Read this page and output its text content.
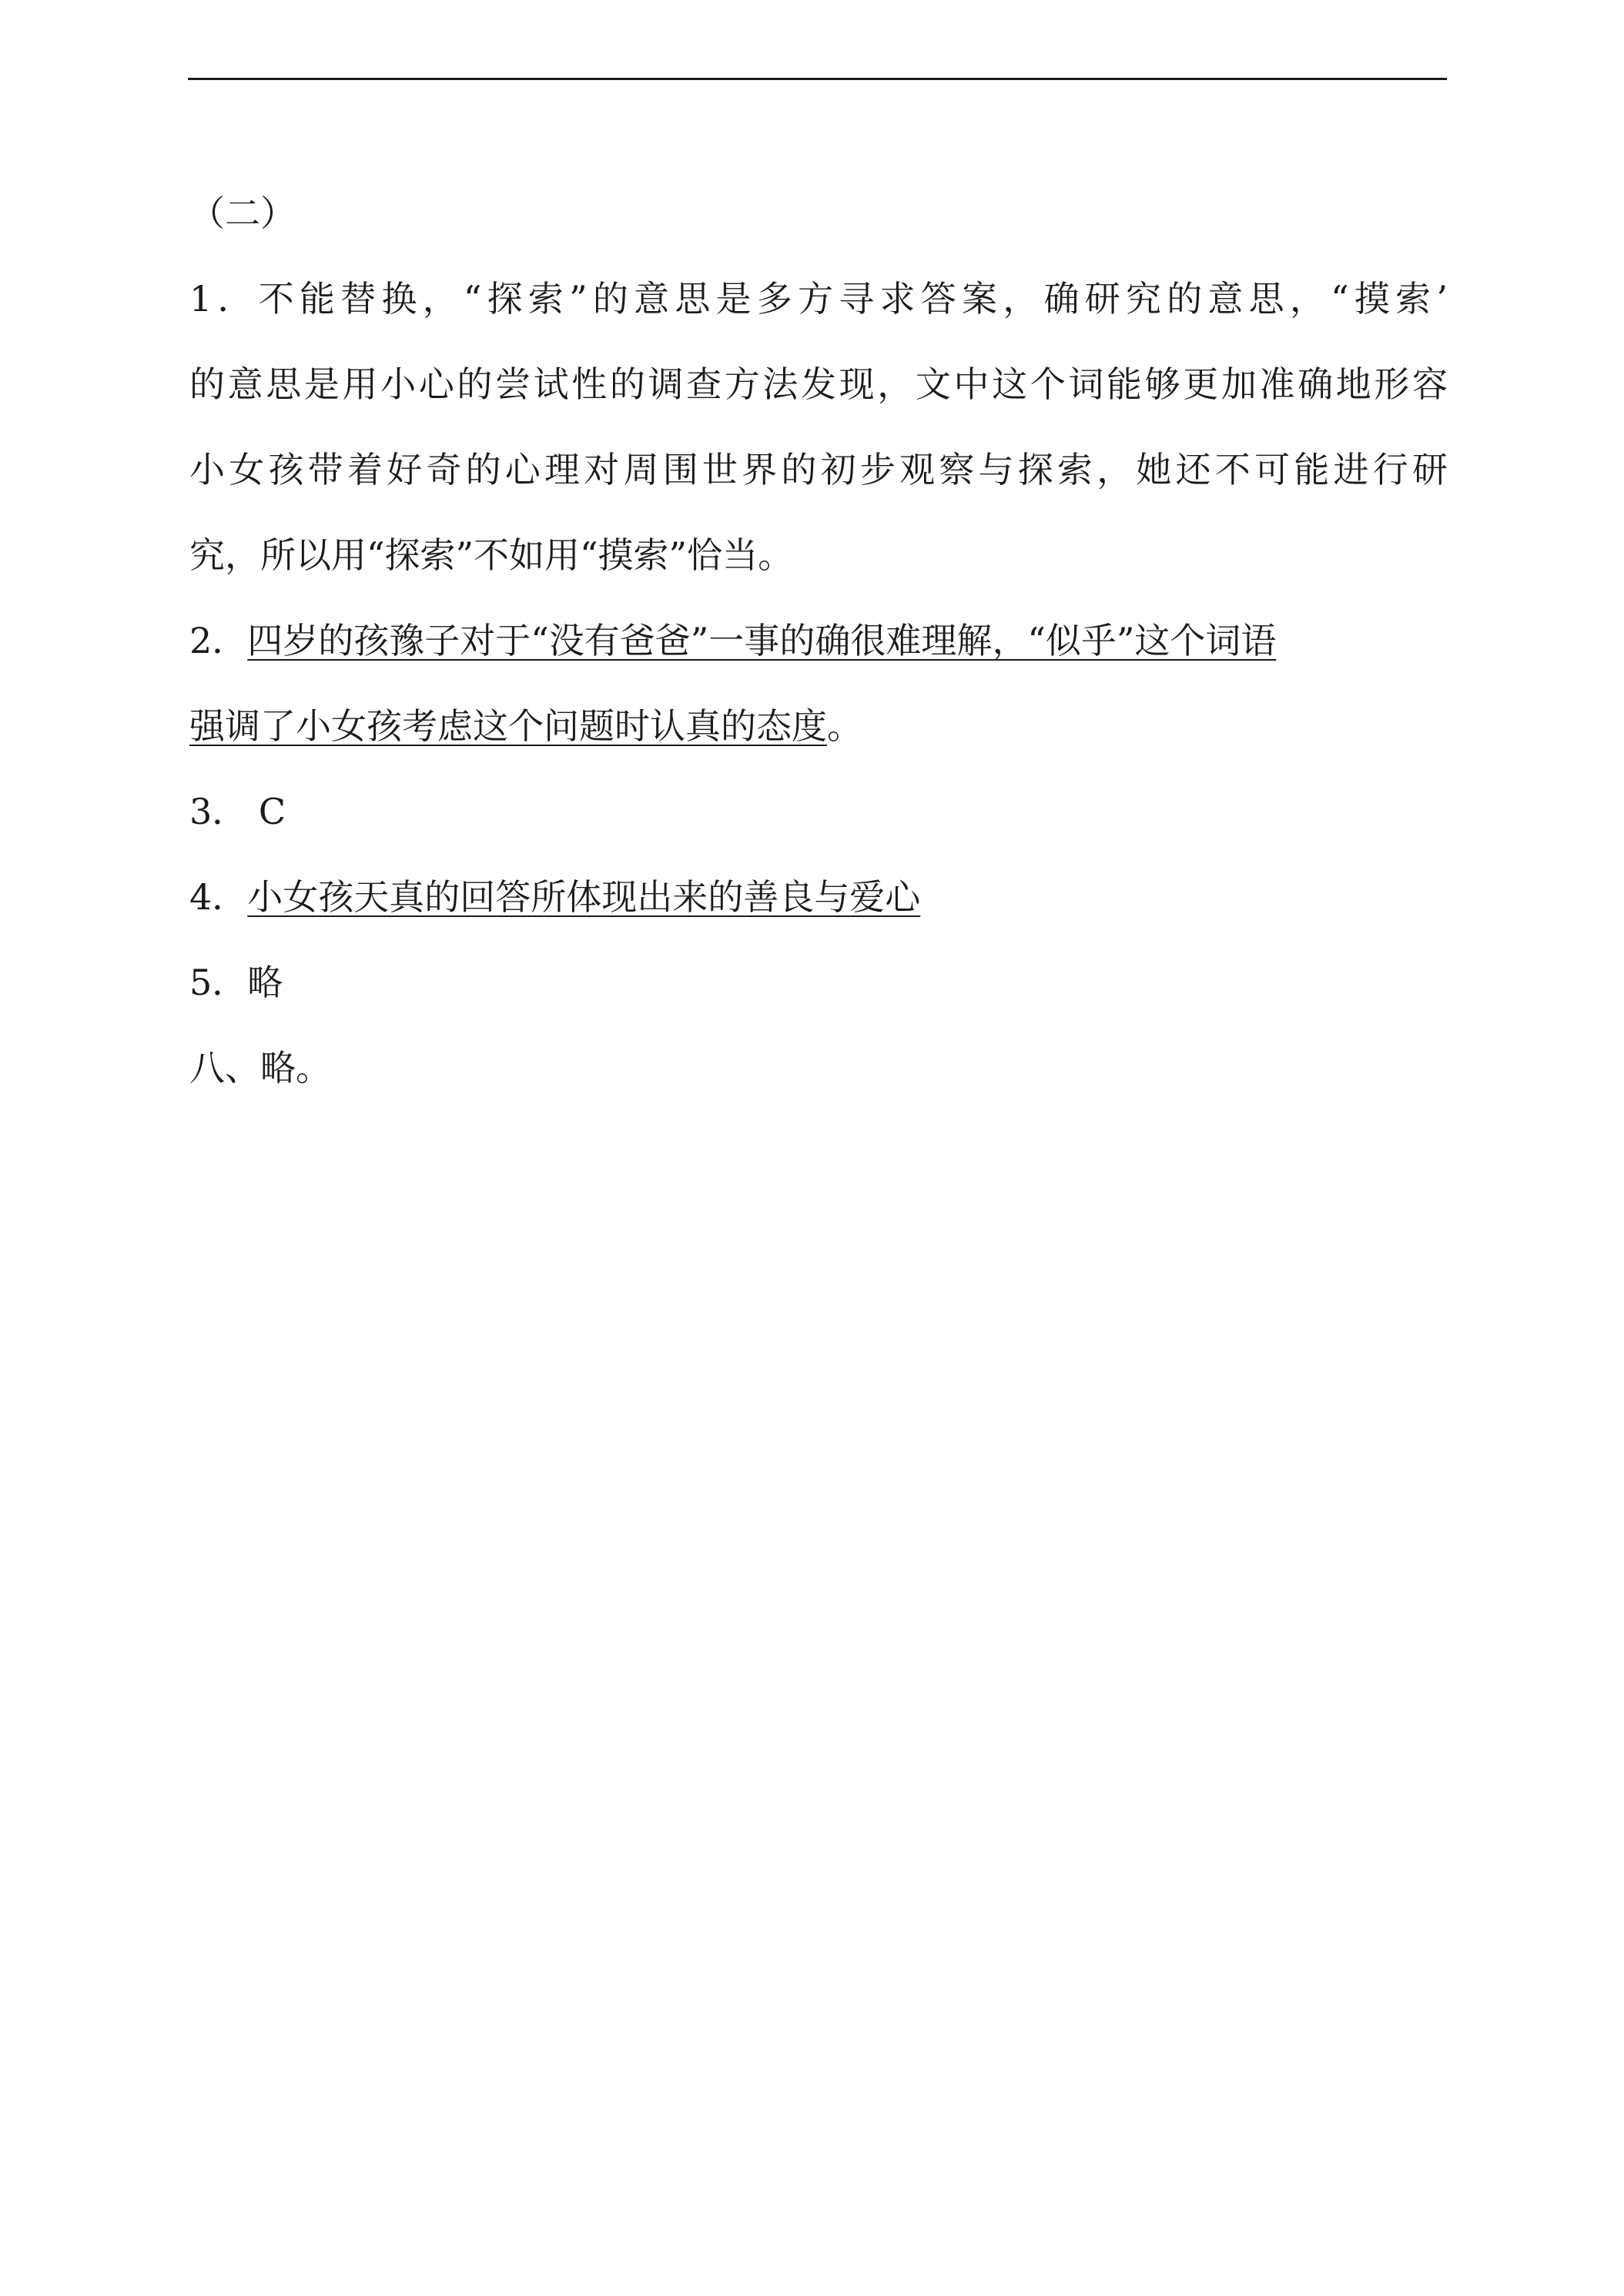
（二）
1．不能替换，“探索”的意思是多方寻求答案，确研究的意思，“摸索’
的意思是用小心的尝试性的调查方法发现，文中这个词能够更加准确地形容
小女孩带着好奇的心理对周围世界的初步观察与探索，她还不可能进行研
究，所以用“探索”不如用“摸索”恰当。
2．四岁的孩豫子对于“没有爸爸”一事的确很难理解，“似乎”这个词语
强调了小女孩考虑这个问题时认真的态度。
3． C
4．小女孩天真的回答所体现出来的善良与爱心
5．略
八、略。
